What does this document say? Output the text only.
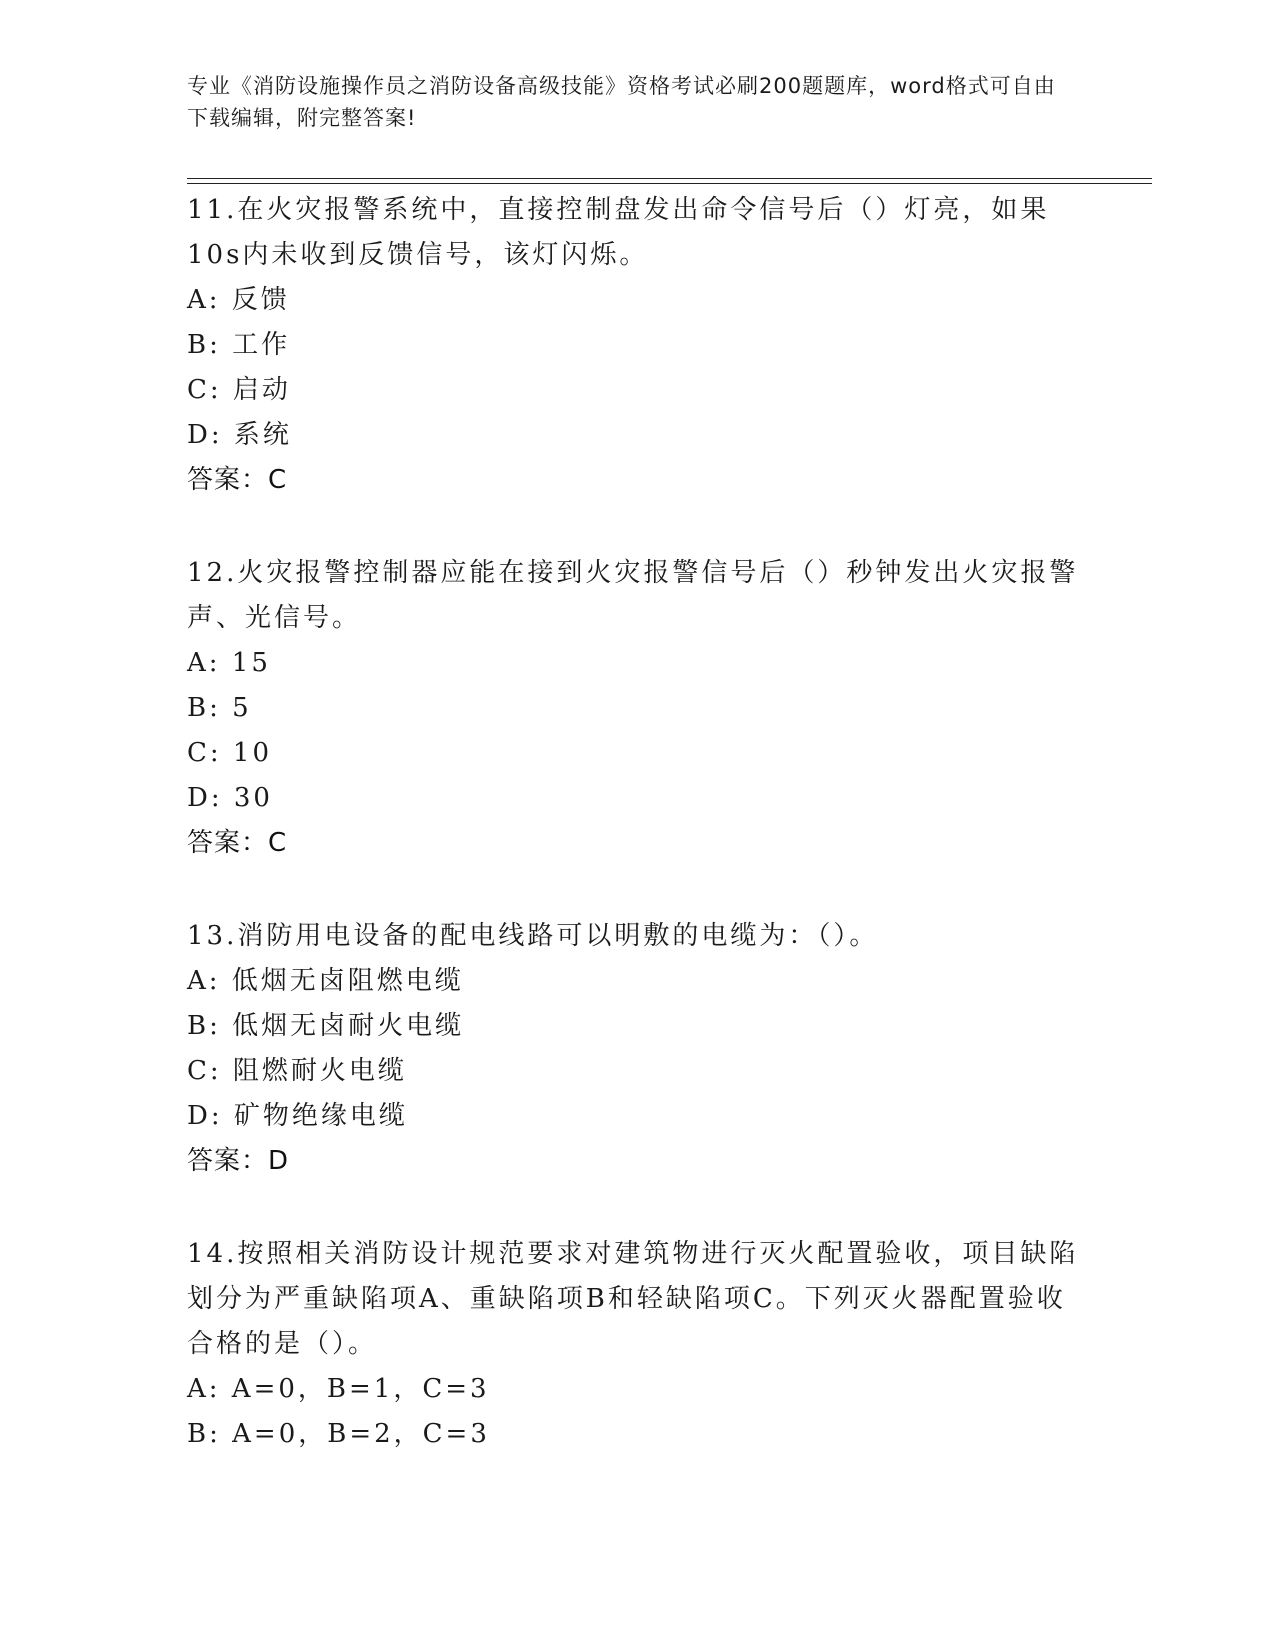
专业《消防设施操作员之消防设备高级技能》资格考试必刷200题题库，word格式可自由下载编辑，附完整答案!

11.在火灾报警系统中，直接控制盘发出命令信号后（）灯亮，如果10s内未收到反馈信号，该灯闪烁。

A: 反馈

B: 工作

C: 启动

D: 系统

答案：C

12.火灾报警控制器应能在接到火灾报警信号后（）秒钟发出火灾报警声、光信号。

A: 15

B: 5

C: 10

D: 30

答案：C

13.消防用电设备的配电线路可以明敷的电缆为：（）。

A: 低烟无卤阻燃电缆

B: 低烟无卤耐火电缆

C: 阻燃耐火电缆

D: 矿物绝缘电缆

答案：D

14.按照相关消防设计规范要求对建筑物进行灭火配置验收，项目缺陷划分为严重缺陷项A、重缺陷项B和轻缺陷项C。下列灭火器配置验收合格的是（）。

A: A=0，B=1，C=3

B: A=0，B=2，C=3
